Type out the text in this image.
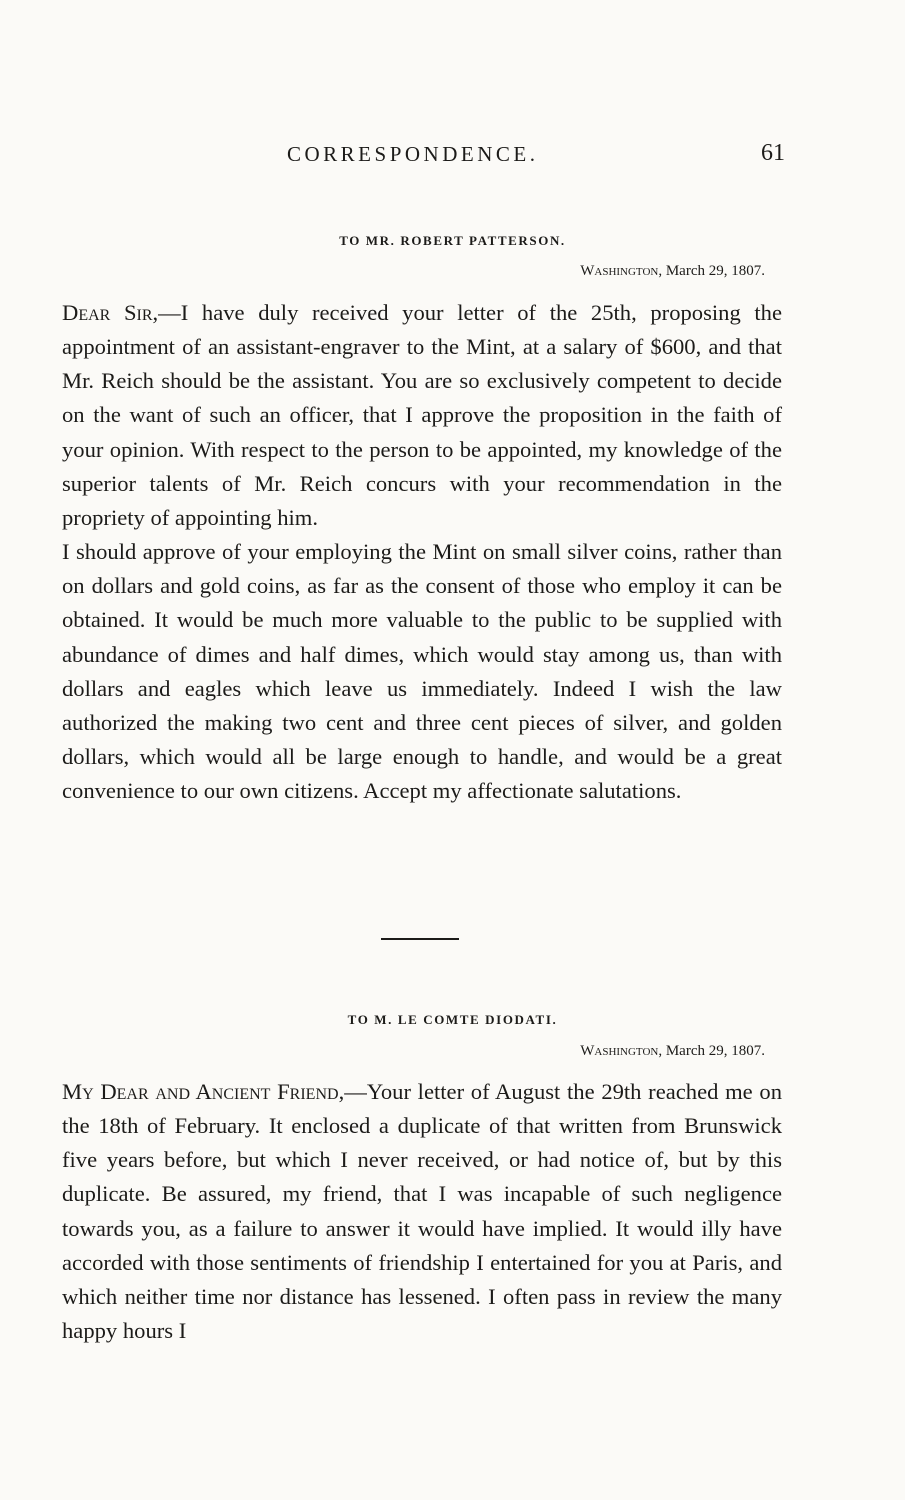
CORRESPONDENCE.	61
TO MR. ROBERT PATTERSON.
Washington, March 29, 1807.

Dear Sir,—I have duly received your letter of the 25th, proposing the appointment of an assistant-engraver to the Mint, at a salary of $600, and that Mr. Reich should be the assistant. You are so exclusively competent to decide on the want of such an officer, that I approve the proposition in the faith of your opinion. With respect to the person to be appointed, my knowledge of the superior talents of Mr. Reich concurs with your recommendation in the propriety of appointing him.

I should approve of your employing the Mint on small silver coins, rather than on dollars and gold coins, as far as the consent of those who employ it can be obtained. It would be much more valuable to the public to be supplied with abundance of dimes and half dimes, which would stay among us, than with dollars and eagles which leave us immediately. Indeed I wish the law authorized the making two cent and three cent pieces of silver, and golden dollars, which would all be large enough to handle, and would be a great convenience to our own citizens. Accept my affectionate salutations.

TO M. LE COMTE DIODATI.
Washington, March 29, 1807.

My Dear and Ancient Friend,—Your letter of August the 29th reached me on the 18th of February. It enclosed a duplicate of that written from Brunswick five years before, but which I never received, or had notice of, but by this duplicate. Be assured, my friend, that I was incapable of such negligence towards you, as a failure to answer it would have implied. It would illy have accorded with those sentiments of friendship I entertained for you at Paris, and which neither time nor distance has lessened. I often pass in review the many happy hours I
